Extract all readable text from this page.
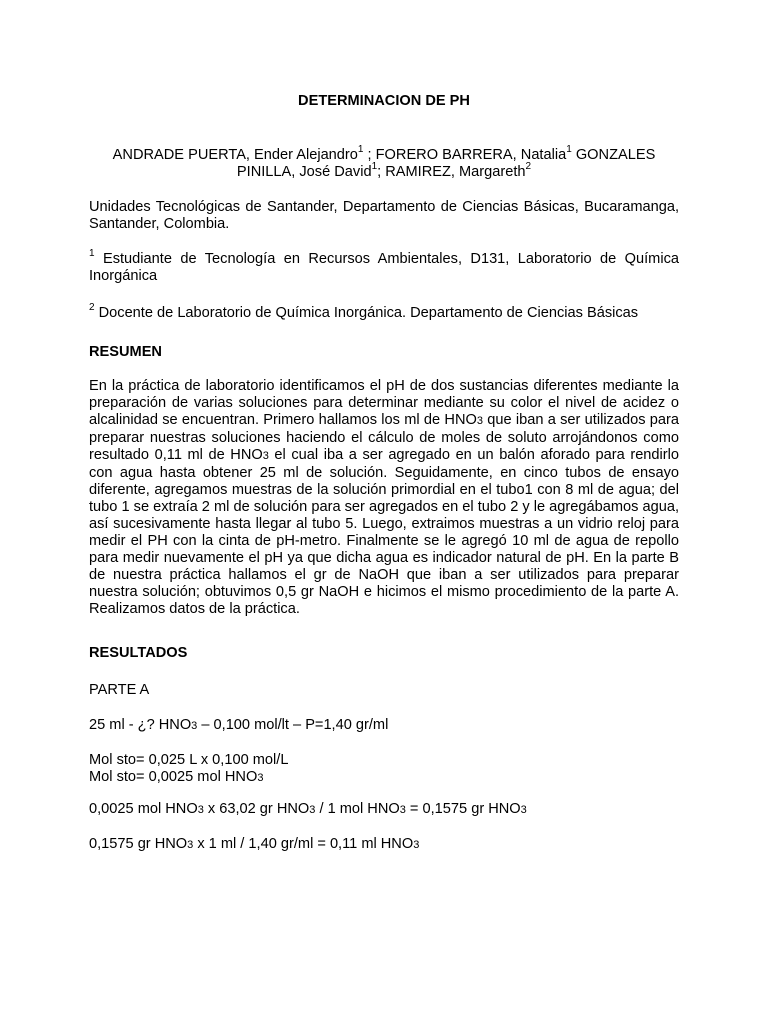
DETERMINACION DE PH
ANDRADE PUERTA, Ender Alejandro$^1$ ; FORERO BARRERA, Natalia$^1$ GONZALES
PINILLA, José David$^1$; RAMIREZ, Margareth$^2$

Unidades Tecnológicas de Santander, Departamento de Ciencias Básicas, Bucaramanga, Santander, Colombia.

$^1$ Estudiante de Tecnología en Recursos Ambientales, D131, Laboratorio de Química Inorgánica

$^2$ Docente de Laboratorio de Química Inorgánica. Departamento de Ciencias Básicas

RESUMEN

En la práctica de laboratorio identificamos el pH de dos sustancias diferentes mediante la preparación de varias soluciones para determinar mediante su color el nivel de acidez o alcalinidad se encuentran. Primero hallamos los ml de HNO3 que iban a ser utilizados para preparar nuestras soluciones haciendo el cálculo de moles de soluto arrojándonos como resultado 0,11 ml de HNO3 el cual iba a ser agregado en un balón aforado para rendirlo con agua hasta obtener 25 ml de solución. Seguidamente, en cinco tubos de ensayo diferente, agregamos muestras de la solución primordial en el tubo1 con 8 ml de agua; del tubo 1 se extraía 2 ml de solución para ser agregados en el tubo 2 y le agregábamos agua, así sucesivamente hasta llegar al tubo 5. Luego, extraimos muestras a un vidrio reloj para medir el PH con la cinta de pH-metro. Finalmente se le agregó 10 ml de agua de repollo para medir nuevamente el pH ya que dicha agua es indicador natural de pH. En la parte B de nuestra práctica hallamos el gr de NaOH que iban a ser utilizados para preparar nuestra solución; obtuvimos 0,5 gr NaOH e hicimos el mismo procedimiento de la parte A. Realizamos datos de la práctica.

RESULTADOS
PARTE A
25 ml - ¿? HNO3 – 0,100 mol/lt – P=1,40 gr/ml
Mol sto= 0,025 L x 0,100 mol/L
Mol sto= 0,0025 mol HNO3
0,0025 mol HNO3 x 63,02 gr HNO3 / 1 mol HNO3 = 0,1575 gr HNO3
0,1575 gr HNO3 x 1 ml / 1,40 gr/ml = 0,11 ml HNO3
